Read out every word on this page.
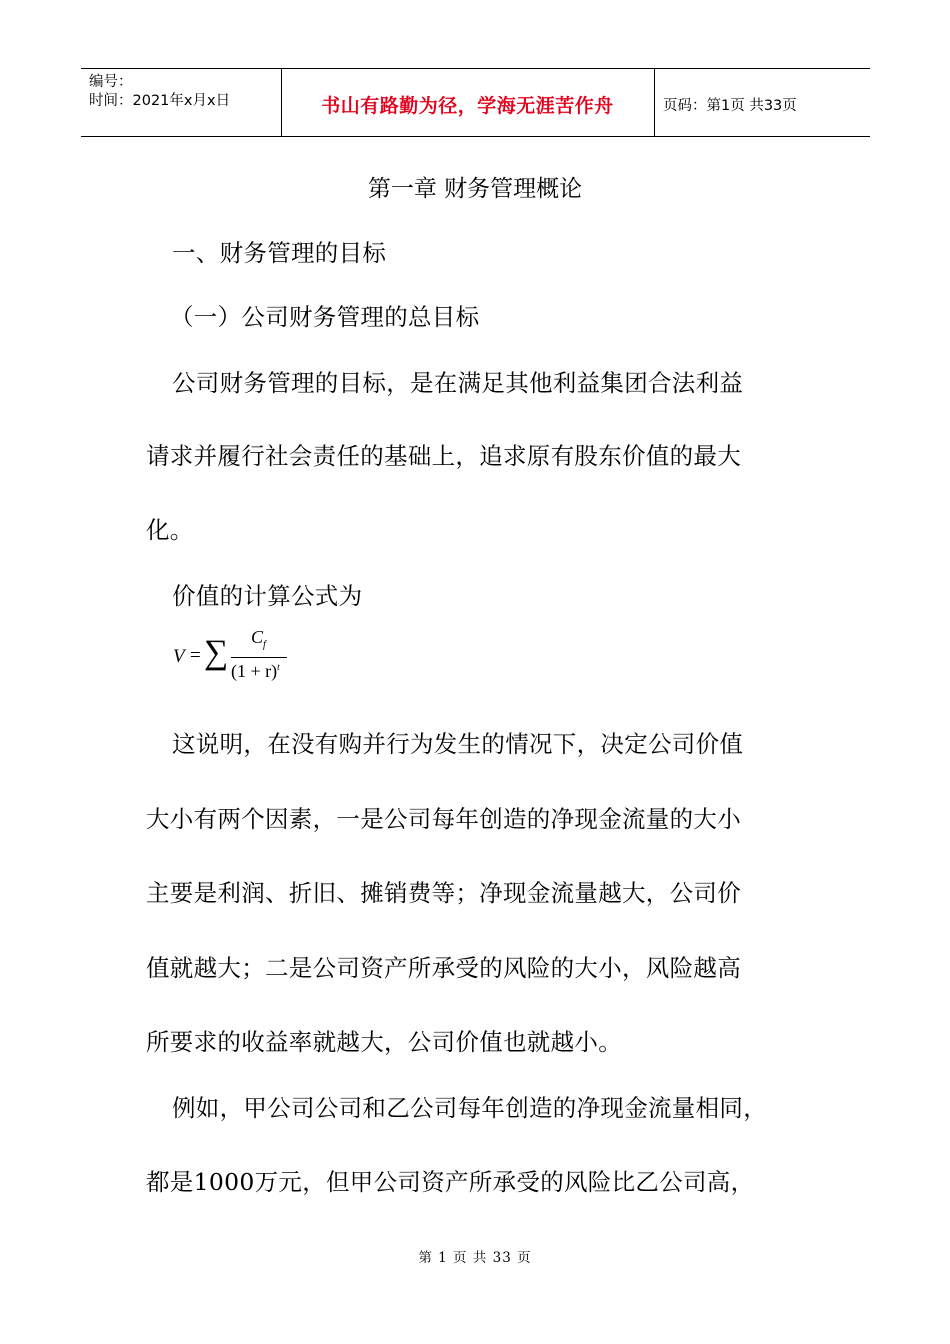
编号：
时间：2021年x月x日	书山有路勤为径，学海无涯苦作舟	页码：第1页 共33页
第一章 财务管理概论
一、财务管理的目标
（一）公司财务管理的总目标
公司财务管理的目标，是在满足其他利益集团合法利益
请求并履行社会责任的基础上，追求原有股东价值的最大
化。
价值的计算公式为
V = ∑ $C_f$
$(1 + r)^t$
这说明，在没有购并行为发生的情况下，决定公司价值
大小有两个因素，一是公司每年创造的净现金流量的大小
主要是利润、折旧、摊销费等；净现金流量越大，公司价
值就越大；二是公司资产所承受的风险的大小，风险越高
所要求的收益率就越大，公司价值也就越小。
例如，甲公司公司和乙公司每年创造的净现金流量相同，
都是1000万元，但甲公司资产所承受的风险比乙公司高，
第 1 页 共 33 页
